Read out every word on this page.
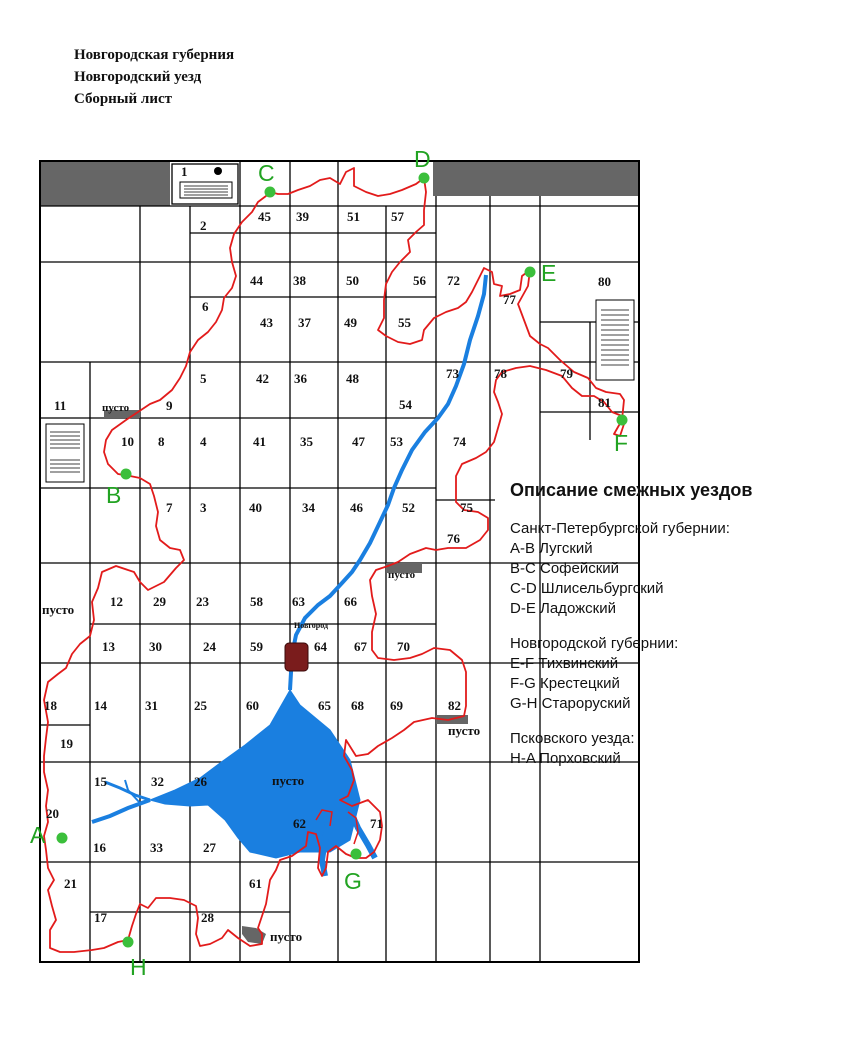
Новгородская губерния
Новгородский уезд
Сборный лист
1
2
3
4
5
6
7
8
9
10
11
12
13
14
15
16
17
18
19
20
21
23
24
25
26
27
28
29
30
31
32
33
34
35
36
37
38
39
40
41
42
43
44
45
46
47
48
49
50
51
52
53
54
55
56
57
58
59
60
61
62
63
64
65
66
67
68 69
70
71
72
73
74
75
76
77
78	79
80
81
82
A
B
C
D
E
F
G
H
Новгород
пусто
пусто
пусто
пусто
пусто
пусто
Описание смежных уездов
Санкт-Петербургской губернии:
A-B Лугский
B-C Софейский
C-D Шлисельбургский
D-E Ладожский
Новгородской губернии:
E-F Тихвинский
F-G Крестецкий
G-H Староруский
Псковского уезда:
H-A Порховский
